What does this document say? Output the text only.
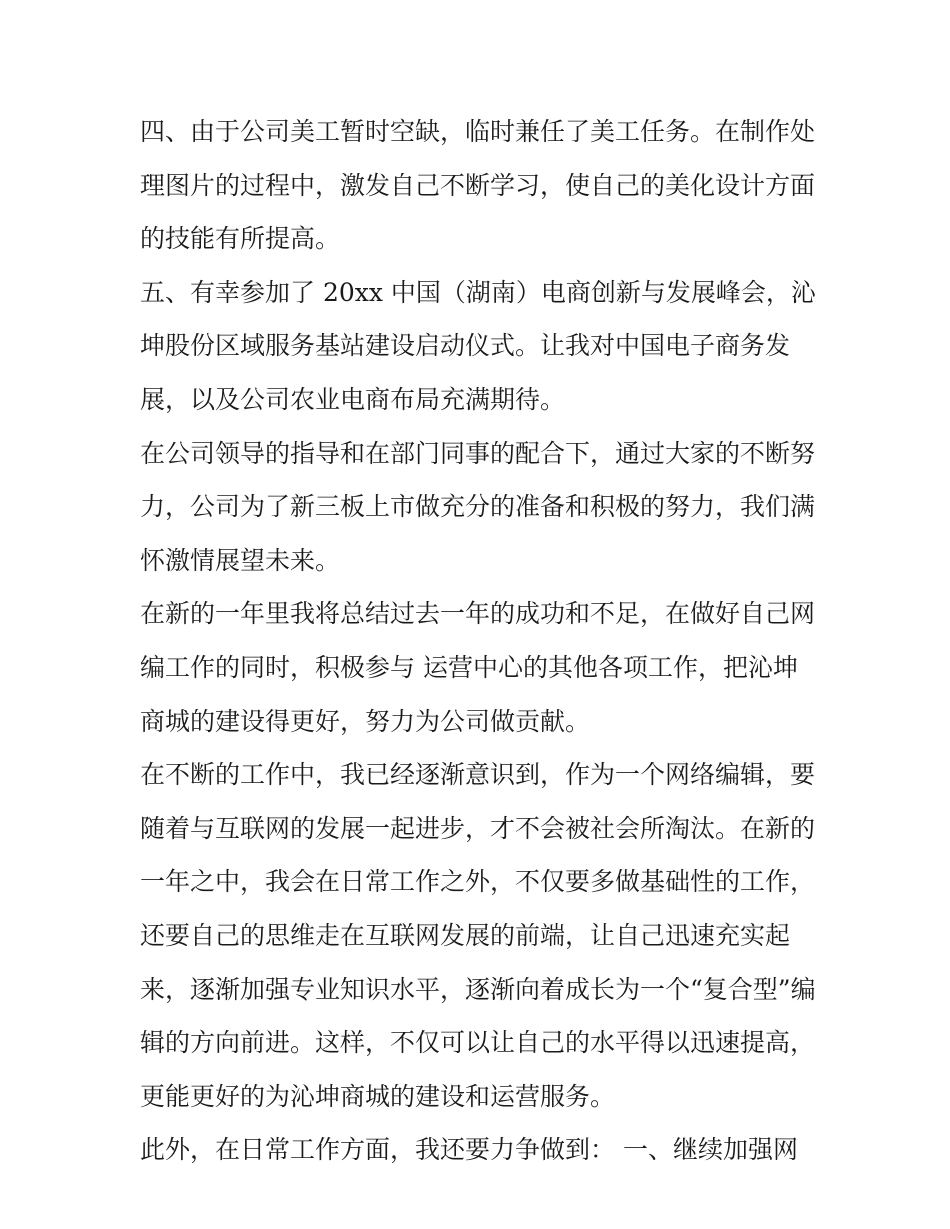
四、由于公司美工暂时空缺，临时兼任了美工任务。在制作处
理图片的过程中，激发自己不断学习，使自己的美化设计方面
的技能有所提高。
五、有幸参加了 20xx 中国（湖南）电商创新与发展峰会，沁
坤股份区域服务基站建设启动仪式。让我对中国电子商务发
展，以及公司农业电商布局充满期待。
在公司领导的指导和在部门同事的配合下，通过大家的不断努
力，公司为了新三板上市做充分的准备和积极的努力，我们满
怀激情展望未来。
在新的一年里我将总结过去一年的成功和不足，在做好自己网
编工作的同时，积极参与 运营中心的其他各项工作，把沁坤
商城的建设得更好，努力为公司做贡献。
在不断的工作中，我已经逐渐意识到，作为一个网络编辑，要
随着与互联网的发展一起进步，才不会被社会所淘汰。在新的
一年之中，我会在日常工作之外，不仅要多做基础性的工作，
还要自己的思维走在互联网发展的前端，让自己迅速充实起
来，逐渐加强专业知识水平，逐渐向着成长为一个“复合型”编
辑的方向前进。这样，不仅可以让自己的水平得以迅速提高，
更能更好的为沁坤商城的建设和运营服务。
此外，在日常工作方面，我还要力争做到： 一、继续加强网
